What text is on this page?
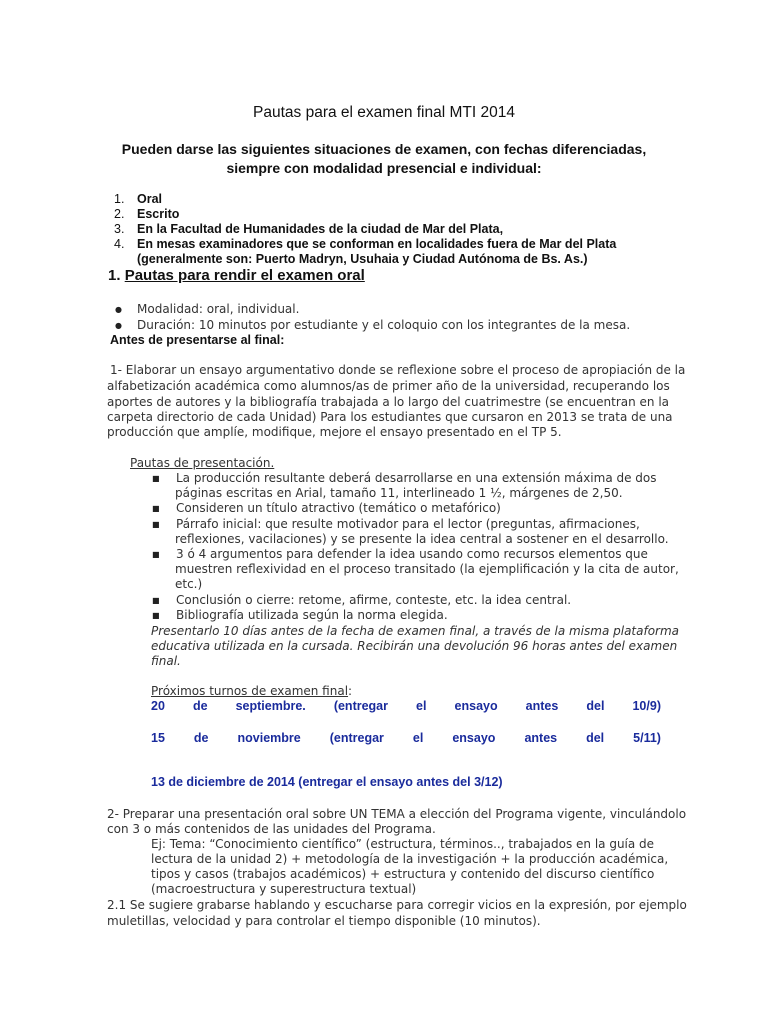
Pautas para el examen final MTI 2014
Pueden darse las siguientes situaciones de examen, con fechas diferenciadas, siempre con modalidad presencial e individual:
1. Oral
2. Escrito
3. En la Facultad de Humanidades de la ciudad de Mar del Plata,
4. En mesas examinadores que se conforman en localidades fuera de Mar del Plata
(generalmente son: Puerto Madryn, Usuhaia y Ciudad Autónoma de Bs. As.)
1. Pautas para rendir el examen oral
● Modalidad: oral, individual.
● Duración: 10 minutos por estudiante y el coloquio con los integrantes de la mesa.
Antes de presentarse al final:
1- Elaborar un ensayo argumentativo donde se reflexione sobre el proceso de apropiación de la
alfabetización académica como alumnos/as de primer año de la universidad, recuperando los
aportes de autores y la bibliografía trabajada a lo largo del cuatrimestre (se encuentran en la
carpeta directorio de cada Unidad) Para los estudiantes que cursaron en 2013 se trata de una
producción que amplíe, modifique, mejore el ensayo presentado en el TP 5.
Pautas de presentación.
■ La producción resultante deberá desarrollarse en una extensión máxima de dos
páginas escritas en Arial, tamaño 11, interlineado 1 ½, márgenes de 2,50.
■ Consideren un título atractivo (temático o metafórico)
■ Párrafo inicial: que resulte motivador para el lector (preguntas, afirmaciones,
reflexiones, vacilaciones) y se presente la idea central a sostener en el desarrollo.
■ 3 ó 4 argumentos para defender la idea usando como recursos elementos que
muestren reflexividad en el proceso transitado (la ejemplificación y la cita de autor,
etc.)
■ Conclusión o cierre: retome, afirme, conteste, etc. la idea central.
■ Bibliografía utilizada según la norma elegida.
Presentarlo 10 días antes de la fecha de examen final, a través de la misma plataforma
educativa utilizada en la cursada. Recibirán una devolución 96 horas antes del examen
final.
Próximos turnos de examen final:
20 de septiembre. (entregar el ensayo antes del 10/9)
15 de noviembre (entregar el ensayo antes del 5/11)
13 de diciembre de 2014 (entregar el ensayo antes del 3/12)
2- Preparar una presentación oral sobre UN TEMA a elección del Programa vigente, vinculándolo
con 3 o más contenidos de las unidades del Programa.
Ej: Tema: “Conocimiento científico” (estructura, términos.., trabajados en la guía de
lectura de la unidad 2) + metodología de la investigación + la producción académica,
tipos y casos (trabajos académicos) + estructura y contenido del discurso científico
(macroestructura y superestructura textual)
2.1 Se sugiere grabarse hablando y escucharse para corregir vicios en la expresión, por ejemplo
muletillas, velocidad y para controlar el tiempo disponible (10 minutos).
